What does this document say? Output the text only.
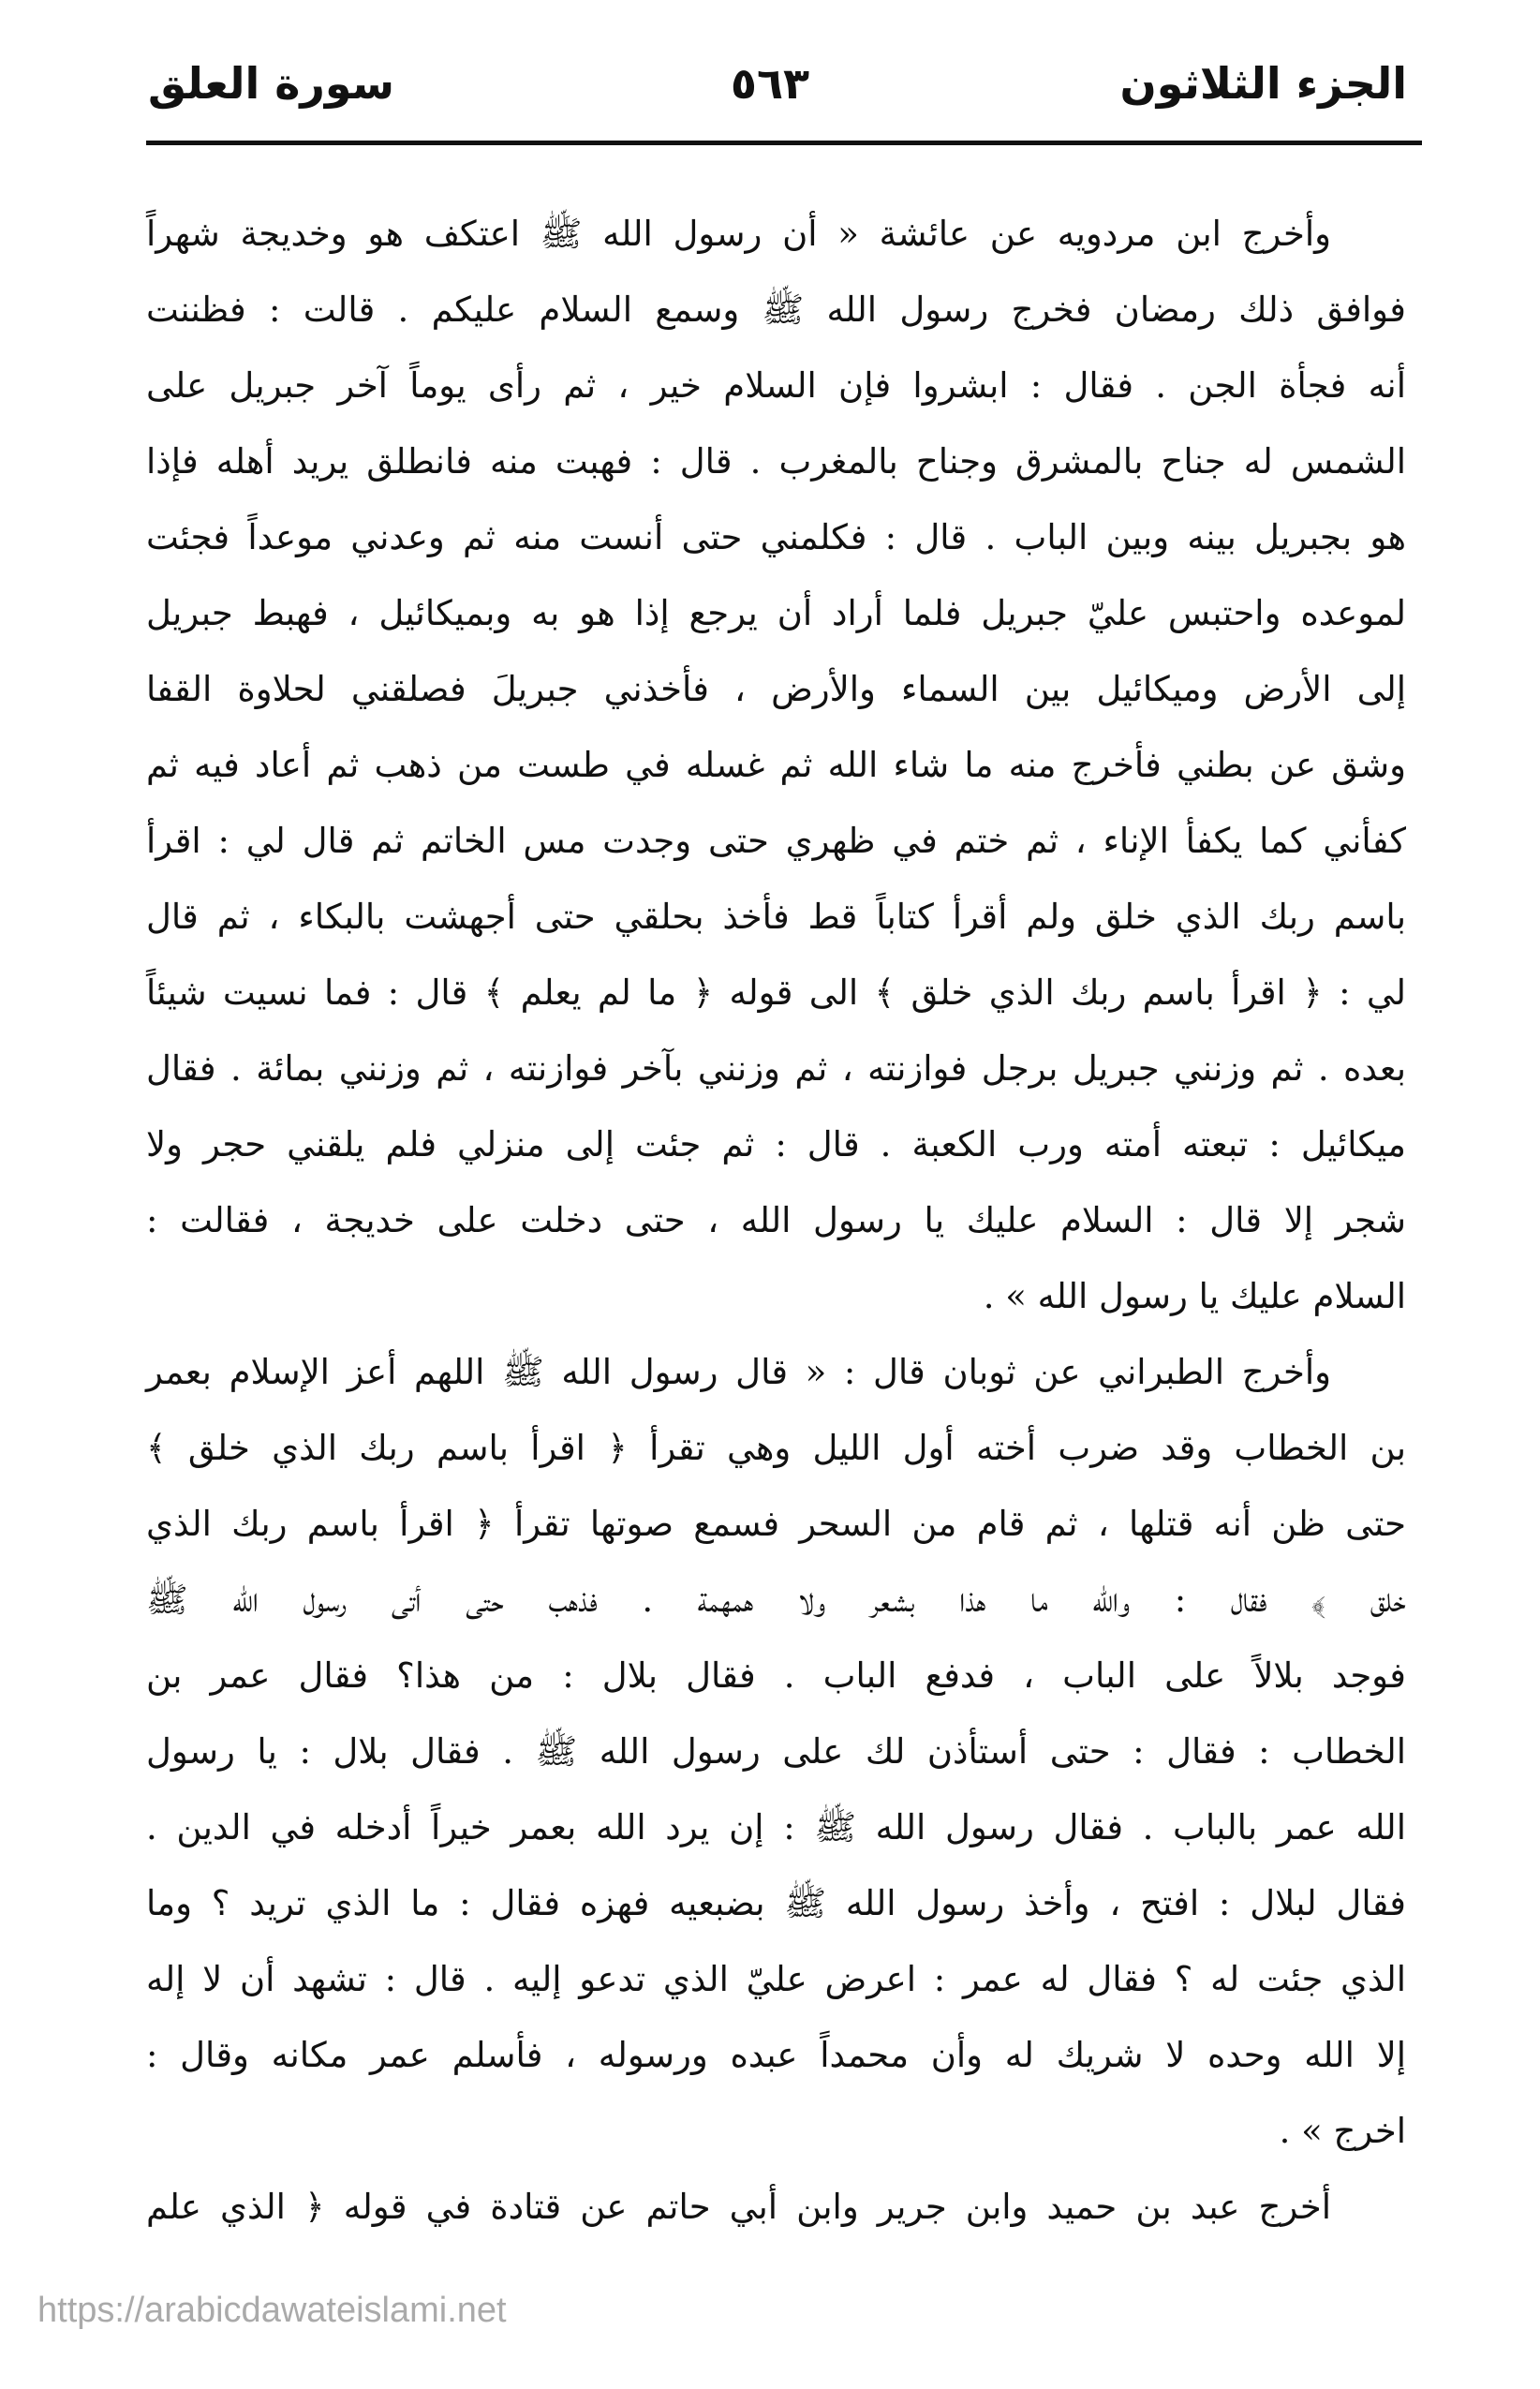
الجزء الثلاثون
٥٦٣
سورة العلق
وأخرج ابن مردويه عن عائشة « أن رسول الله ﷺ اعتكف هو وخديجة شهراً
فوافق ذلك رمضان فخرج رسول الله ﷺ وسمع السلام عليكم . قالت : فظننت
أنه فجأة الجن . فقال : ابشروا فإن السلام خير ، ثم رأى يوماً آخر جبريل على
الشمس له جناح بالمشرق وجناح بالمغرب . قال : فهبت منه فانطلق يريد أهله فإذا
هو بجبريل بينه وبين الباب . قال : فكلمني حتى أنست منه ثم وعدني موعداً فجئت
لموعده واحتبس عليّ جبريل فلما أراد أن يرجع إذا هو به وبميكائيل ، فهبط جبريل
إلى الأرض وميكائيل بين السماء والأرض ، فأخذني جبريلَ فصلقني لحلاوة القفا
وشق عن بطني فأخرج منه ما شاء الله ثم غسله في طست من ذهب ثم أعاد فيه ثم
كفأني كما يكفأ الإناء ، ثم ختم في ظهري حتى وجدت مس الخاتم ثم قال لي : اقرأ
باسم ربك الذي خلق ولم أقرأ كتاباً قط فأخذ بحلقي حتى أجهشت بالبكاء ، ثم قال
لي : ﴿ اقرأ باسم ربك الذي خلق ﴾ الى قوله ﴿ ما لم يعلم ﴾ قال : فما نسيت شيئاً
بعده . ثم وزنني جبريل برجل فوازنته ، ثم وزنني بآخر فوازنته ، ثم وزنني بمائة . فقال
ميكائيل : تبعته أمته ورب الكعبة . قال : ثم جئت إلى منزلي فلم يلقني حجر ولا
شجر إلا قال : السلام عليك يا رسول الله ، حتى دخلت على خديجة ، فقالت :
السلام عليك يا رسول الله » .
وأخرج الطبراني عن ثوبان قال : « قال رسول الله ﷺ اللهم أعز الإسلام بعمر
بن الخطاب وقد ضرب أخته أول الليل وهي تقرأ ﴿ اقرأ باسم ربك الذي خلق ﴾
حتى ظن أنه قتلها ، ثم قام من السحر فسمع صوتها تقرأ ﴿ اقرأ باسم ربك الذي
خلق ﴾ فقال : والله ما هذا بشعر ولا همهمة . فذهب حتى أتى رسول الله ﷺ
فوجد بلالاً على الباب ، فدفع الباب . فقال بلال : من هذا؟ فقال عمر بن
الخطاب : فقال : حتى أستأذن لك على رسول الله ﷺ . فقال بلال : يا رسول
الله عمر بالباب . فقال رسول الله ﷺ : إن يرد الله بعمر خيراً أدخله في الدين .
فقال لبلال : افتح ، وأخذ رسول الله ﷺ بضبعيه فهزه فقال : ما الذي تريد ؟ وما
الذي جئت له ؟ فقال له عمر : اعرض عليّ الذي تدعو إليه . قال : تشهد أن لا إله
إلا الله وحده لا شريك له وأن محمداً عبده ورسوله ، فأسلم عمر مكانه وقال :
اخرج » .
أخرج عبد بن حميد وابن جرير وابن أبي حاتم عن قتادة في قوله ﴿ الذي علم
https://arabicdawateislami.net
